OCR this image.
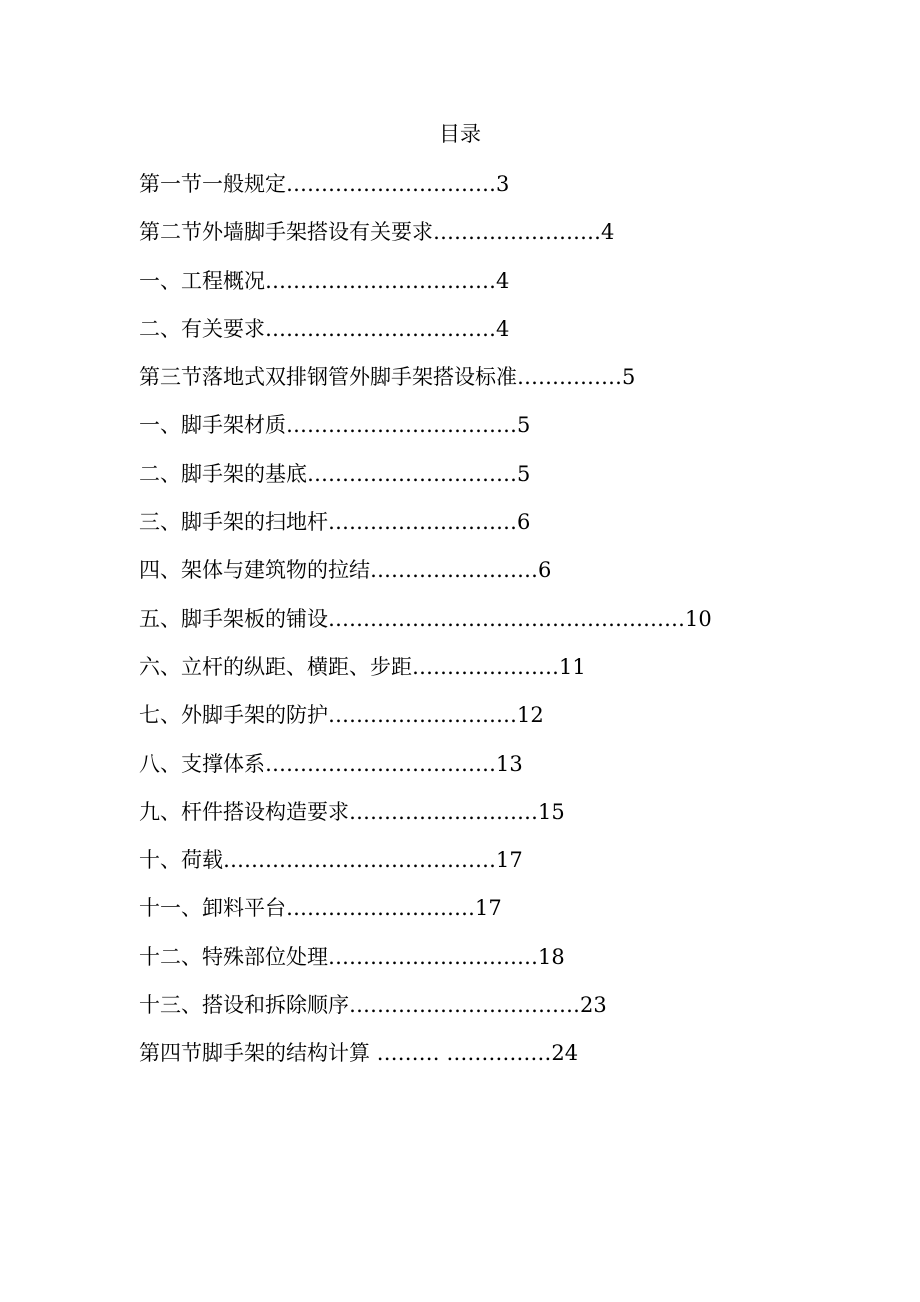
目录
第一节一般规定…………………………3
第二节外墙脚手架搭设有关要求……………………4
一、工程概况……………………………4
二、有关要求……………………………4
第三节落地式双排钢管外脚手架搭设标准……………5
一、脚手架材质……………………………5
二、脚手架的基底…………………………5
三、脚手架的扫地杆………………………6
四、架体与建筑物的拉结……………………6
五、脚手架板的铺设……………………………………………10
六、立杆的纵距、横距、步距…………………11
七、外脚手架的防护………………………12
八、支撑体系……………………………13
九、杆件搭设构造要求………………………15
十、荷载…………………………………17
十一、卸料平台………………………17
十二、特殊部位处理…………………………18
十三、搭设和拆除顺序……………………………23
第四节脚手架的结构计算 ……… ……………24
